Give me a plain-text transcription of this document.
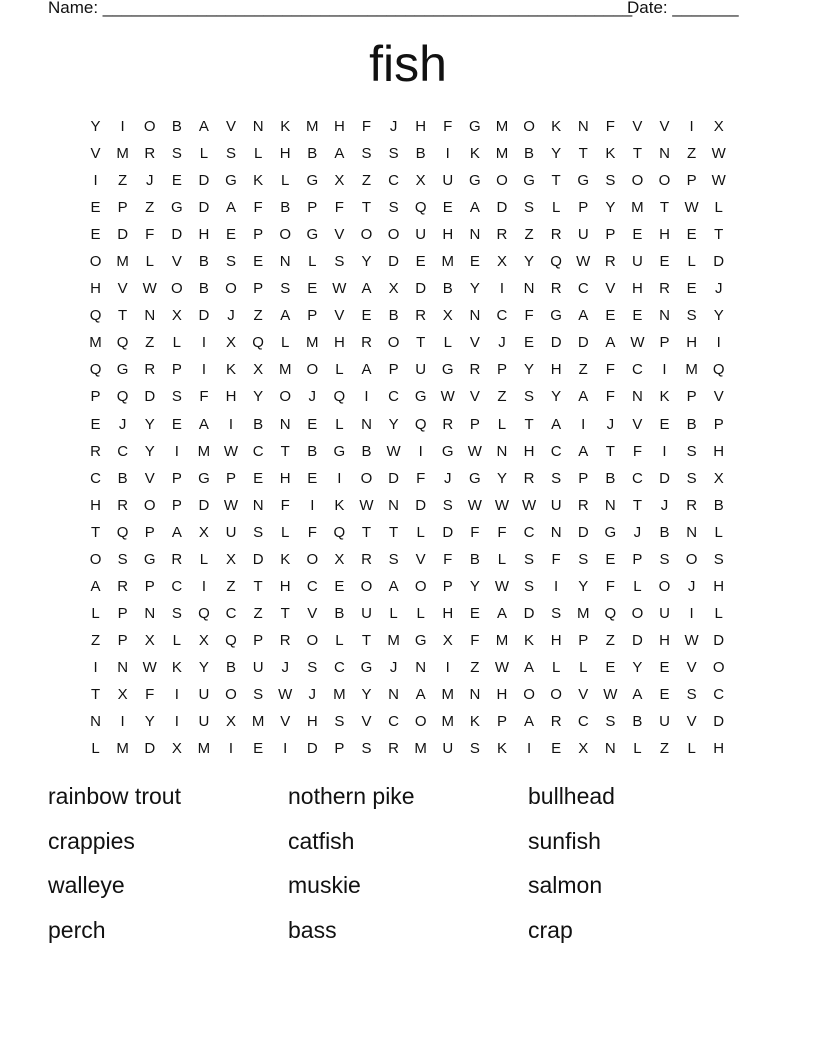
Name: ________________________________________________________
Date: _______
fish
Y	I	O	B	A	V	N	K	M	H	F	J	H	F	G	M	O	K	N	F	V	V	I	X
V	M	R	S	L	S	L	H	B	A	S	S	B	I	K	M	B	Y	T	K	T	N	Z	W
I	Z	J	E	D	G	K	L	G	X	Z	C	X	U	G	O	G	T	G	S	O	O	P	W
E	P	Z	G	D	A	F	B	P	F	T	S	Q	E	A	D	S	L	P	Y	M	T	W	L
E	D	F	D	H	E	P	O	G	V	O	O	U	H	N	R	Z	R	U	P	E	H	E	T
O	M	L	V	B	S	E	N	L	S	Y	D	E	M	E	X	Y	Q W R	U	E	L	D
H	V	W O	B	O	P	S	E	W	A	X	D	B	Y	I	N	R	C	V	H	R	E	J
Q	T	N	X	D	J	Z	A	P	V	E	B	R	X	N	C	F	G	A	E	E	N	S	Y
M	Q	Z	L	I	X	Q	L	M	H	R	O	T	L	V	J	E	D	D	A	W	P	H	I
Q	G	R	P	I	K	X	M	O	L	A	P	U	G	R	P	Y	H	Z	F	C	I	M	Q
P	Q	D	S	F	H	Y	O	J	Q	I	C	G W	V	Z	S	Y	A	F	N	K	P	V
E	J	Y	E	A	I	B	N	E	L	N	Y	Q	R	P	L	T	A	I	J	V	E	B	P
R	C	Y	I	M W C	T	B	G	B	W	I	G W N	H	C	A	T	F	I	S	H
C	B	V	P	G	P	E	H	E	I	O	D	F	J	G	Y	R	S	P	B	C	D	S	X
H	R	O	P	D W N	F	I	K	W N	D	S	W W W U	R	N	T	J	R	B
T	Q	P	A	X	U	S	L	F	Q	T	T	L	D	F	F	C	N	D	G	J	B	N	L
O	S	G	R	L	X	D	K	O	X	R	S	V	F	B	L	S	F	S	E	P	S	O	S
A	R	P	C	I	Z	T	H	C	E	O	A	O	P	Y	W	S	I	Y	F	L	O	J	H
L	P	N	S	Q	C	Z	T	V	B	U	L	L	H	E	A	D	S	M	Q	O	U	I	L
Z	P	X	L	X	Q	P	R	O	L	T	M	G	X	F	M	K	H	P	Z	D	H W D
I	N W	K	Y	B	U	J	S	C	G	J	N	I	Z	W	A	L	L	E	Y	E	V	O
T	X	F	I	U	O	S	W	J	M	Y	N	A	M	N	H	O	O	V	W	A	E	S	C
N	I	Y	I	U	X	M	V	H	S	V	C	O	M	K	P	A	R	C	S	B	U	V	D
L	M	D	X	M	I	E	I	D	P	S	R	M	U	S	K	I	E	X	N	L	Z	L	H
rainbow trout	nothern pike	bullhead
crappies	catfish	sunfish
walleye	muskie	salmon
perch	bass	crap
